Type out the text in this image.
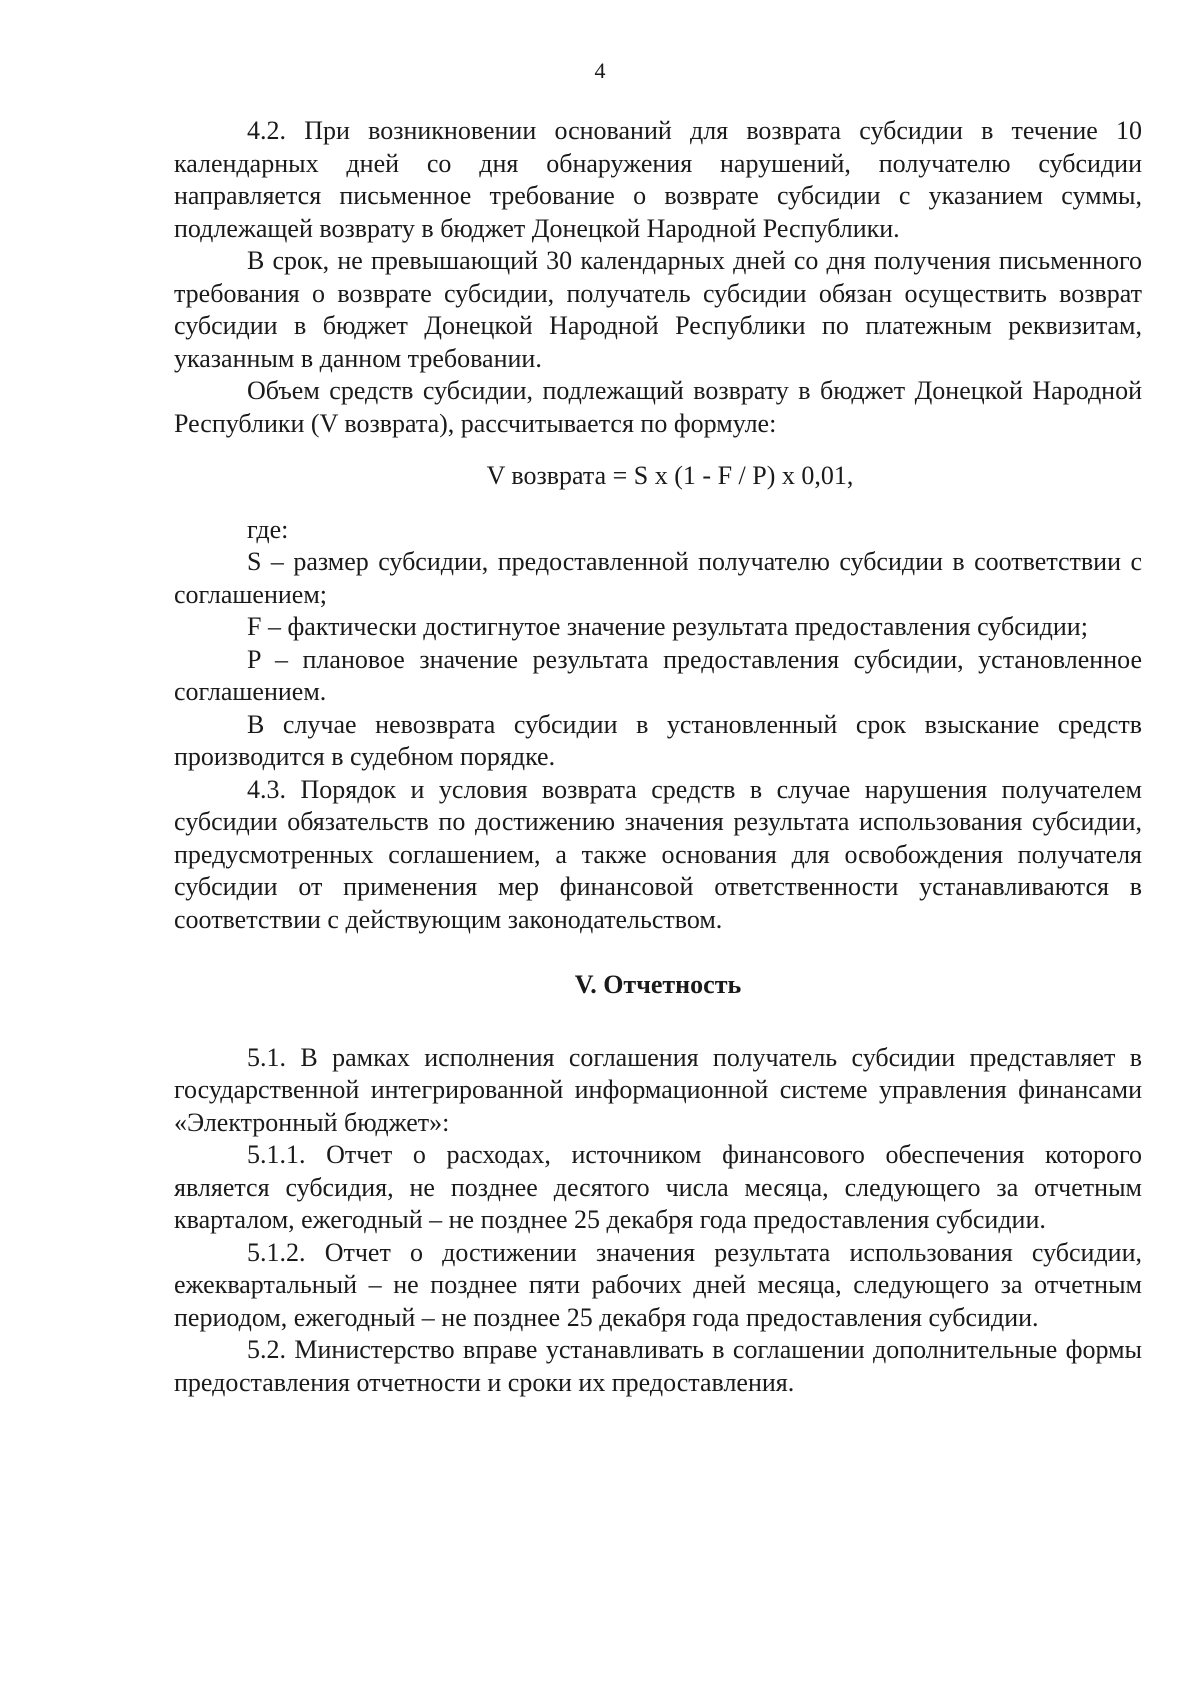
4

4.2. При возникновении оснований для возврата субсидии в течение 10 календарных дней со дня обнаружения нарушений, получателю субсидии направляется письменное требование о возврате субсидии с указанием суммы, подлежащей возврату в бюджет Донецкой Народной Республики.

В срок, не превышающий 30 календарных дней со дня получения письменного требования о возврате субсидии, получатель субсидии обязан осуществить возврат субсидии в бюджет Донецкой Народной Республики по платежным реквизитам, указанным в данном требовании.

Объем средств субсидии, подлежащий возврату в бюджет Донецкой Народной Республики (V возврата), рассчитывается по формуле:

V возврата = S x (1 - F / P) x 0,01,

где:

S – размер субсидии, предоставленной получателю субсидии в соответствии с соглашением;

F – фактически достигнутое значение результата предоставления субсидии;

P – плановое значение результата предоставления субсидии, установленное соглашением.

В случае невозврата субсидии в установленный срок взыскание средств производится в судебном порядке.

4.3. Порядок и условия возврата средств в случае нарушения получателем субсидии обязательств по достижению значения результата использования субсидии, предусмотренных соглашением, а также основания для освобождения получателя субсидии от применения мер финансовой ответственности устанавливаются в соответствии с действующим законодательством.

V. Отчетность

5.1. В рамках исполнения соглашения получатель субсидии представляет в государственной интегрированной информационной системе управления финансами «Электронный бюджет»:

5.1.1. Отчет о расходах, источником финансового обеспечения которого является субсидия, не позднее десятого числа месяца, следующего за отчетным кварталом, ежегодный – не позднее 25 декабря года предоставления субсидии.

5.1.2. Отчет о достижении значения результата использования субсидии, ежеквартальный – не позднее пяти рабочих дней месяца, следующего за отчетным периодом, ежегодный – не позднее 25 декабря года предоставления субсидии.

5.2. Министерство вправе устанавливать в соглашении дополнительные формы предоставления отчетности и сроки их предоставления.
